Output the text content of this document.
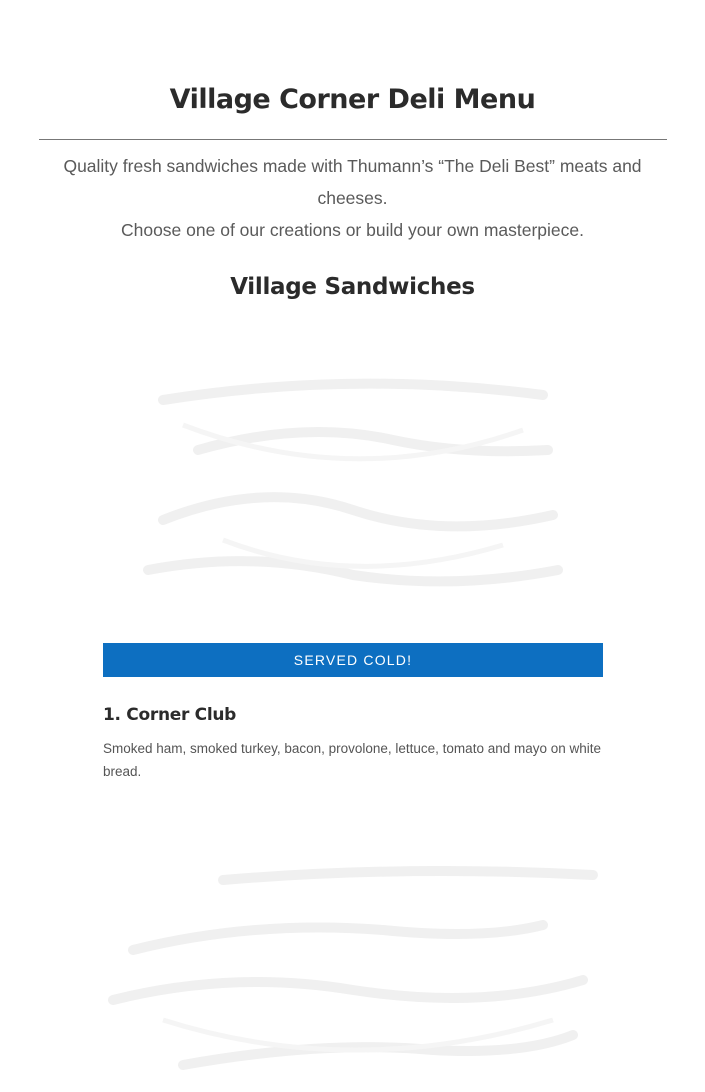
Village Corner Deli Menu

Quality fresh sandwiches made with Thumann’s “The Deli Best” meats and cheeses.

Choose one of our creations or build your own masterpiece.

Village Sandwiches
SERVED COLD!
1. Corner Club

Smoked ham, smoked turkey, bacon, provolone, lettuce, tomato and mayo on white bread.
